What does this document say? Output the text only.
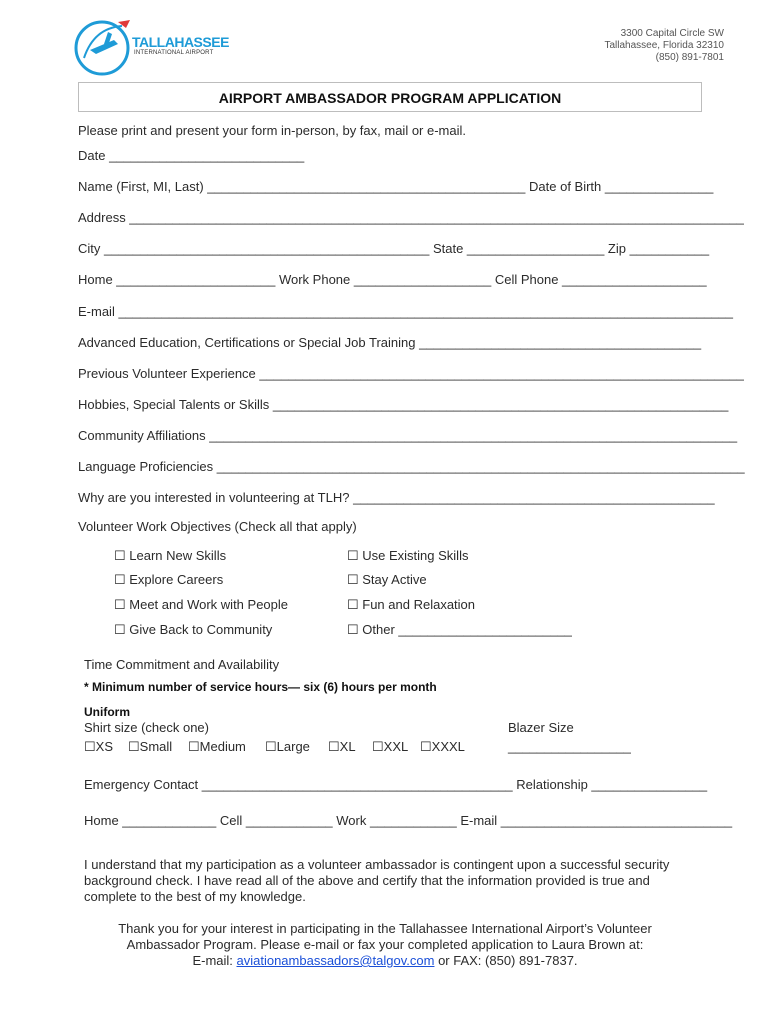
TALLAHASSEE
INTERNATIONAL AIRPORT
3300 Capital Circle SW
Tallahassee, Florida 32310
(850) 891-7801
AIRPORT AMBASSADOR PROGRAM APPLICATION
Please print and present your form in-person, by fax, mail or e-mail.
Date ___________________________
Name (First, MI, Last) ____________________________________________ Date of Birth _______________
Address _____________________________________________________________________________________
City _____________________________________________ State ___________________ Zip ___________
Home ______________________ Work Phone ___________________ Cell Phone ____________________
E-mail _____________________________________________________________________________________
Advanced Education, Certifications or Special Job Training _______________________________________
Previous Volunteer Experience ___________________________________________________________________
Hobbies, Special Talents or Skills _______________________________________________________________
Community Affiliations _________________________________________________________________________
Language Proficiencies _________________________________________________________________________
Why are you interested in volunteering at TLH? __________________________________________________
Volunteer Work Objectives (Check all that apply)
☐ Learn New Skills
☐ Explore Careers
☐ Meet and Work with People
☐ Give Back to Community
☐ Use Existing Skills
☐ Stay Active
☐ Fun and Relaxation
☐ Other ________________________
Time Commitment and Availability
* Minimum number of service hours— six (6) hours per month
Uniform
Shirt size (check one)
☐XS ☐Small ☐Medium ☐Large ☐XL ☐XXL ☐XXXL
Blazer Size
_________________
Emergency Contact ___________________________________________ Relationship ________________
Home _____________ Cell ____________ Work ____________ E-mail ________________________________
I understand that my participation as a volunteer ambassador is contingent upon a successful security
background check. I have read all of the above and certify that the information provided is true and
complete to the best of my knowledge.
Thank you for your interest in participating in the Tallahassee International Airport’s Volunteer
Ambassador Program. Please e-mail or fax your completed application to Laura Brown at:
E-mail: aviationambassadors@talgov.com or FAX: (850) 891-7837.
